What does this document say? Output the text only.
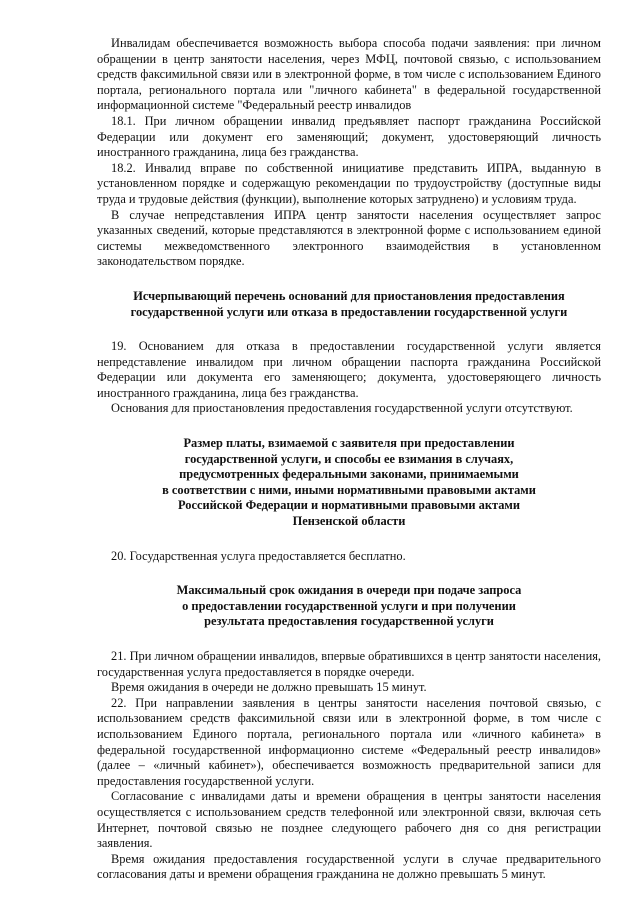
Инвалидам обеспечивается возможность выбора способа подачи заявления: при личном обращении в центр занятости населения, через МФЦ, почтовой связью, с использованием средств факсимильной связи или в электронной форме, в том числе с использованием Единого портала, регионального портала или "личного кабинета" в федеральной государственной информационной системе "Федеральный реестр инвалидов

18.1. При личном обращении инвалид предъявляет паспорт гражданина Российской Федерации или документ его заменяющий; документ, удостоверяющий личность иностранного гражданина, лица без гражданства.

18.2. Инвалид вправе по собственной инициативе представить ИПРА, выданную в установленном порядке и содержащую рекомендации по трудоустройству (доступные виды труда и трудовые действия (функции), выполнение которых затруднено) и условиям труда.

В случае непредставления ИПРА центр занятости населения осуществляет запрос указанных сведений, которые представляются в электронной форме с использованием единой системы межведомственного электронного взаимодействия в установленном законодательством порядке.

Исчерпывающий перечень оснований для приостановления предоставления
государственной услуги или отказа в предоставлении государственной услуги

19. Основанием для отказа в предоставлении государственной услуги является непредставление инвалидом при личном обращении паспорта гражданина Российской Федерации или документа его заменяющего; документа, удостоверяющего личность иностранного гражданина, лица без гражданства.

Основания для приостановления предоставления государственной услуги отсутствуют.

Размер платы, взимаемой с заявителя при предоставлении
государственной услуги, и способы ее взимания в случаях,
предусмотренных федеральными законами, принимаемыми
в соответствии с ними, иными нормативными правовыми актами
Российской Федерации и нормативными правовыми актами
Пензенской области

20. Государственная услуга предоставляется бесплатно.

Максимальный срок ожидания в очереди при подаче запроса
о предоставлении государственной услуги и при получении
результата предоставления государственной услуги

21. При личном обращении инвалидов, впервые обратившихся в центр занятости населения, государственная услуга предоставляется в порядке очереди.

Время ожидания в очереди не должно превышать 15 минут.

22. При направлении заявления в центры занятости населения почтовой связью, с использованием средств факсимильной связи или в электронной форме, в том числе с использованием Единого портала, регионального портала или «личного кабинета» в федеральной государственной информационно системе «Федеральный реестр инвалидов» (далее – «личный кабинет»), обеспечивается возможность предварительной записи для предоставления государственной услуги.

Согласование с инвалидами даты и времени обращения в центры занятости населения осуществляется с использованием средств телефонной или электронной связи, включая сеть Интернет, почтовой связью не позднее следующего рабочего дня со дня регистрации заявления.

Время ожидания предоставления государственной услуги в случае предварительного согласования даты и времени обращения гражданина не должно превышать 5 минут.
